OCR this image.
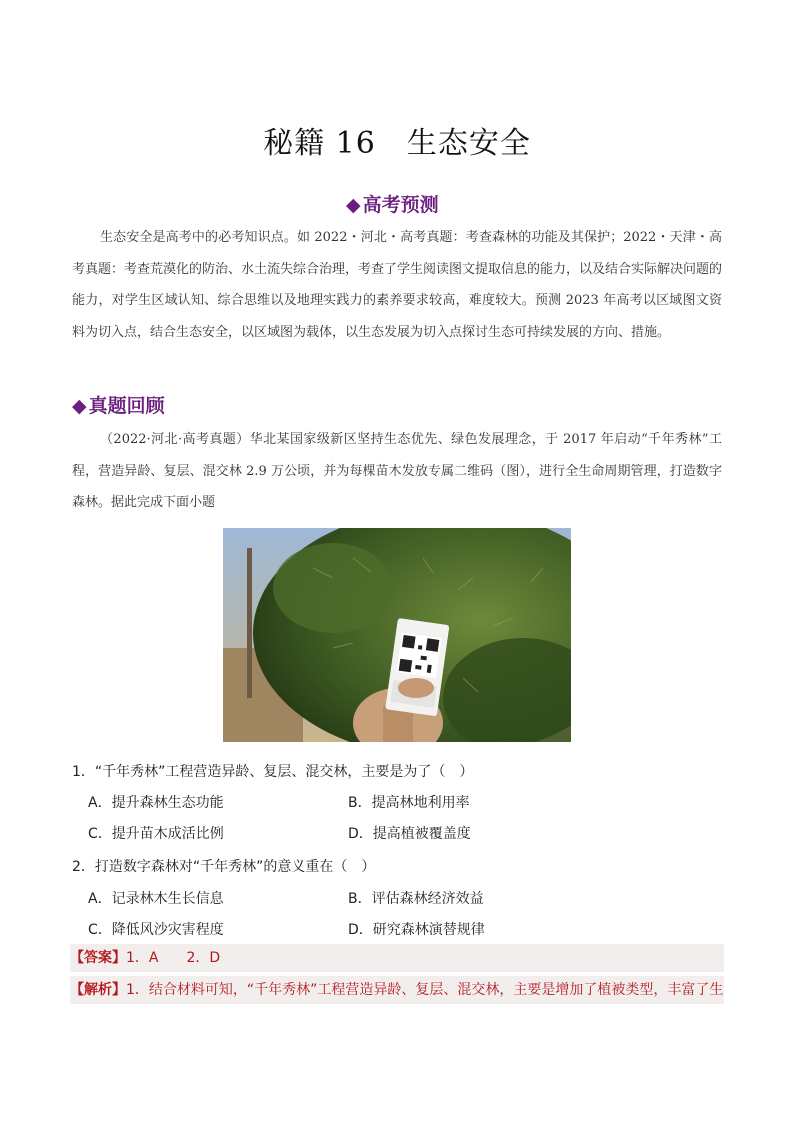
秘籍 16　生态安全
◆ 高考预测
生态安全是高考中的必考知识点。如 2022・河北・高考真题：考查森林的功能及其保护；2022・天津・高考真题：考查荒漠化的防治、水土流失综合治理，考查了学生阅读图文提取信息的能力，以及结合实际解决问题的能力，对学生区域认知、综合思维以及地理实践力的素养要求较高，难度较大。预测 2023 年高考以区域图文资料为切入点，结合生态安全，以区域图为载体，以生态发展为切入点探讨生态可持续发展的方向、措施。
◆ 真题回顾
（2022·河北·高考真题）华北某国家级新区坚持生态优先、绿色发展理念，于 2017 年启动“千年秀林”工程，营造异龄、复层、混交林 2.9 万公顷，并为每棵苗木发放专属二维码（图），进行全生命周期管理，打造数字森林。据此完成下面小题
1．“千年秀林”工程营造异龄、复层、混交林，主要是为了（　）
A．提升森林生态功能	B．提高林地利用率
C．提升苗木成活比例	D．提高植被覆盖度
2．打造数字森林对“千年秀林”的意义重在（　）
A．记录林木生长信息	B．评估森林经济效益
C．降低风沙灾害程度	D．研究森林演替规律
【答案】1．A　　2．D
【解析】1．结合材料可知，“千年秀林”工程营造异龄、复层、混交林，主要是增加了植被类型，丰富了生
